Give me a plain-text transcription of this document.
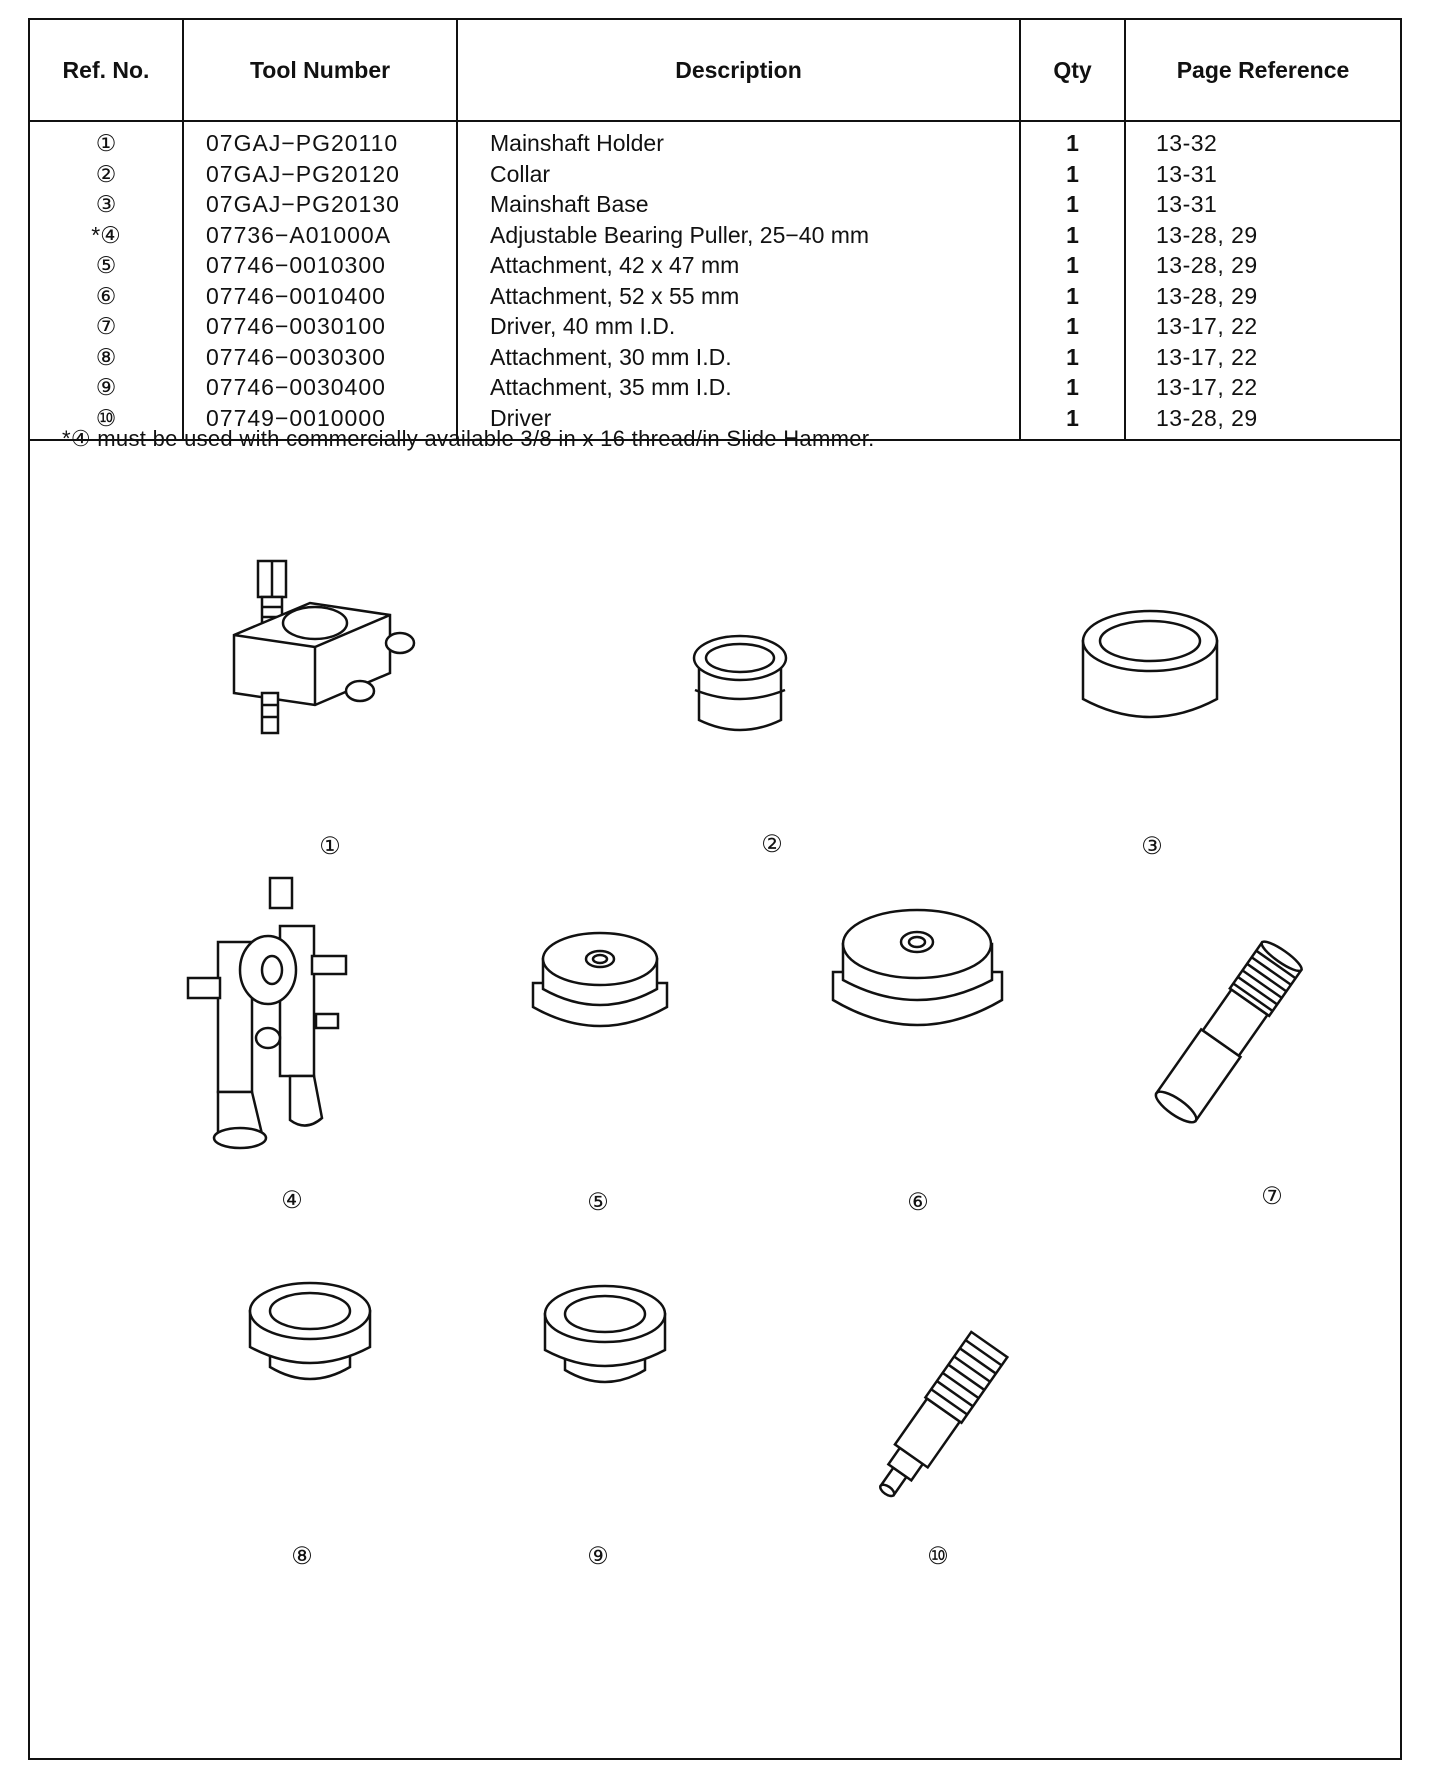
Ref. No.	Tool Number	Description	Qty	Page Reference
①	07GAJ−PG20110	Mainshaft Holder	1	13-32
②	07GAJ−PG20120	Collar	1	13-31
③	07GAJ−PG20130	Mainshaft Base	1	13-31
*④	07736−A01000A	Adjustable Bearing Puller, 25−40 mm	1	13-28, 29
⑤	07746−0010300	Attachment, 42 x 47 mm	1	13-28, 29
⑥	07746−0010400	Attachment, 52 x 55 mm	1	13-28, 29
⑦	07746−0030100	Driver, 40 mm I.D.	1	13-17, 22
⑧	07746−0030300	Attachment, 30 mm I.D.	1	13-17, 22
⑨	07746−0030400	Attachment, 35 mm I.D.	1	13-17, 22
⑩	07749−0010000	Driver	1	13-28, 29
*④ must be used with commercially available 3/8 in x 16 thread/in Slide Hammer.
①	②	③
④	⑤	⑥	⑦
⑧	⑨	⑩
